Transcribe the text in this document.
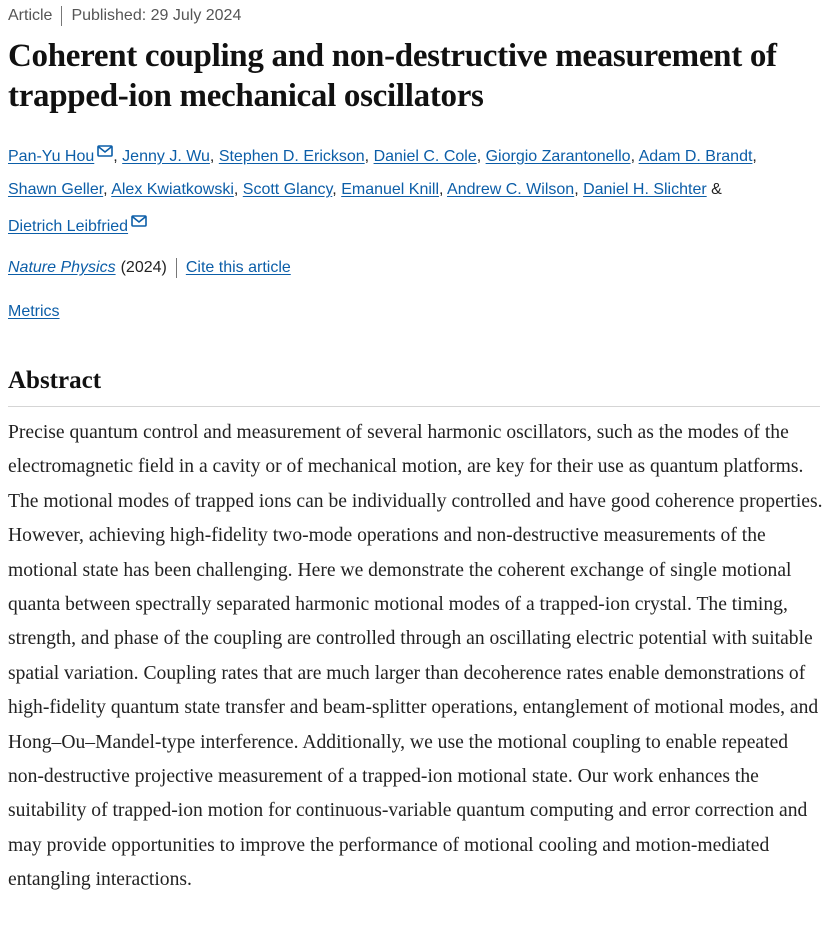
Article Published: 29 July 2024
Coherent coupling and non-destructive measurement of trapped-ion mechanical oscillators
Pan-Yu Hou , Jenny J. Wu, Stephen D. Erickson, Daniel C. Cole, Giorgio Zarantonello, Adam D. Brandt,
Shawn Geller, Alex Kwiatkowski, Scott Glancy, Emanuel Knill, Andrew C. Wilson, Daniel H. Slichter &
Dietrich Leibfried
Nature Physics (2024) Cite this article
Metrics
Abstract

Precise quantum control and measurement of several harmonic oscillators, such as the modes of the electromagnetic field in a cavity or of mechanical motion, are key for their use as quantum platforms. The motional modes of trapped ions can be individually controlled and have good coherence properties. However, achieving high-fidelity two-mode operations and non-destructive measurements of the motional state has been challenging. Here we demonstrate the coherent exchange of single motional quanta between spectrally separated harmonic motional modes of a trapped-ion crystal. The timing, strength, and phase of the coupling are controlled through an oscillating electric potential with suitable spatial variation. Coupling rates that are much larger than decoherence rates enable demonstrations of high-fidelity quantum state transfer and beam-splitter operations, entanglement of motional modes, and Hong–Ou–Mandel-type interference. Additionally, we use the motional coupling to enable repeated non-destructive projective measurement of a trapped-ion motional state. Our work enhances the suitability of trapped-ion motion for continuous-variable quantum computing and error correction and may provide opportunities to improve the performance of motional cooling and motion-mediated entangling interactions.
